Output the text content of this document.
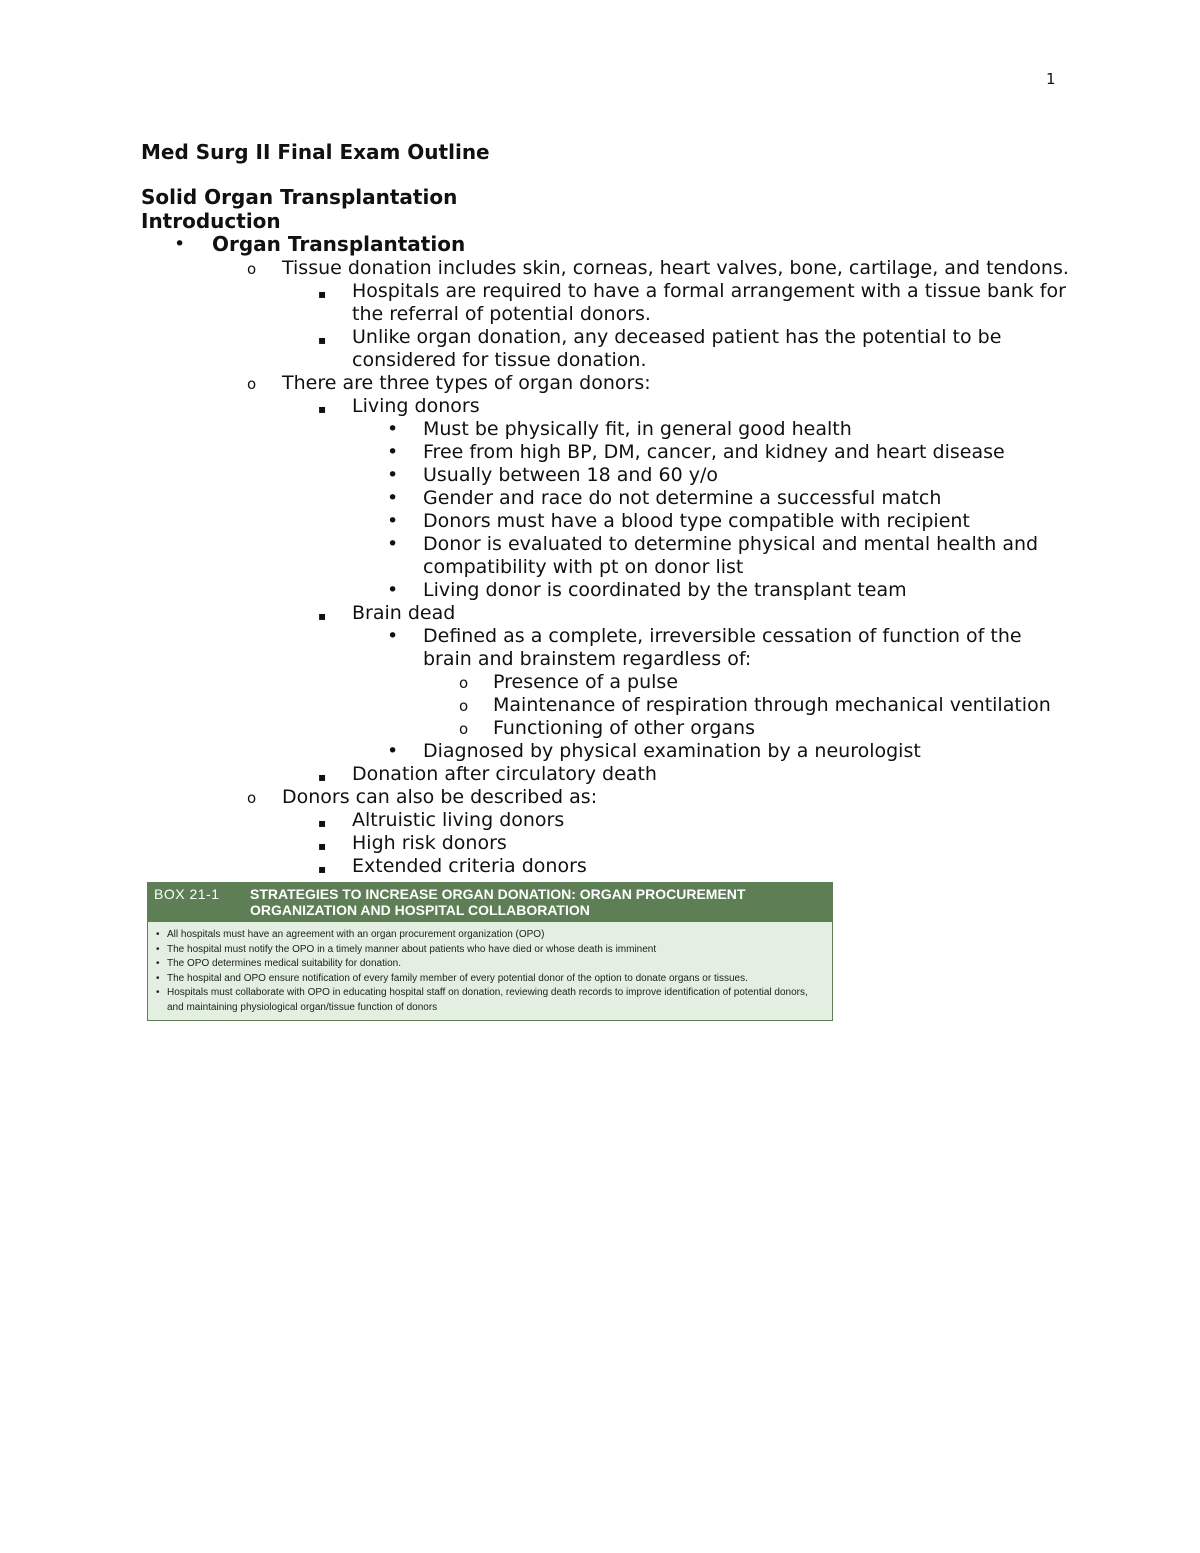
1
Med Surg II Final Exam Outline
Solid Organ Transplantation
Introduction
• Organ Transplantation
o Tissue donation includes skin, corneas, heart valves, bone, cartilage, and tendons.
▪ Hospitals are required to have a formal arrangement with a tissue bank for the referral of potential donors.
▪ Unlike organ donation, any deceased patient has the potential to be considered for tissue donation.
o There are three types of organ donors:
▪ Living donors
• Must be physically fit, in general good health
• Free from high BP, DM, cancer, and kidney and heart disease
• Usually between 18 and 60 y/o
• Gender and race do not determine a successful match
• Donors must have a blood type compatible with recipient
• Donor is evaluated to determine physical and mental health and compatibility with pt on donor list
• Living donor is coordinated by the transplant team
▪ Brain dead
• Defined as a complete, irreversible cessation of function of the brain and brainstem regardless of:
o Presence of a pulse
o Maintenance of respiration through mechanical ventilation
o Functioning of other organs
• Diagnosed by physical examination by a neurologist
▪ Donation after circulatory death
o Donors can also be described as:
▪ Altruistic living donors
▪ High risk donors
▪ Extended criteria donors
BOX 21-1	STRATEGIES TO INCREASE ORGAN DONATION: ORGAN PROCUREMENT ORGANIZATION AND HOSPITAL COLLABORATION
• All hospitals must have an agreement with an organ procurement organization (OPO)
• The hospital must notify the OPO in a timely manner about patients who have died or whose death is imminent
• The OPO determines medical suitability for donation.
• The hospital and OPO ensure notification of every family member of every potential donor of the option to donate organs or tissues.
• Hospitals must collaborate with OPO in educating hospital staff on donation, reviewing death records to improve identification of potential donors, and maintaining physiological organ/tissue function of donors
